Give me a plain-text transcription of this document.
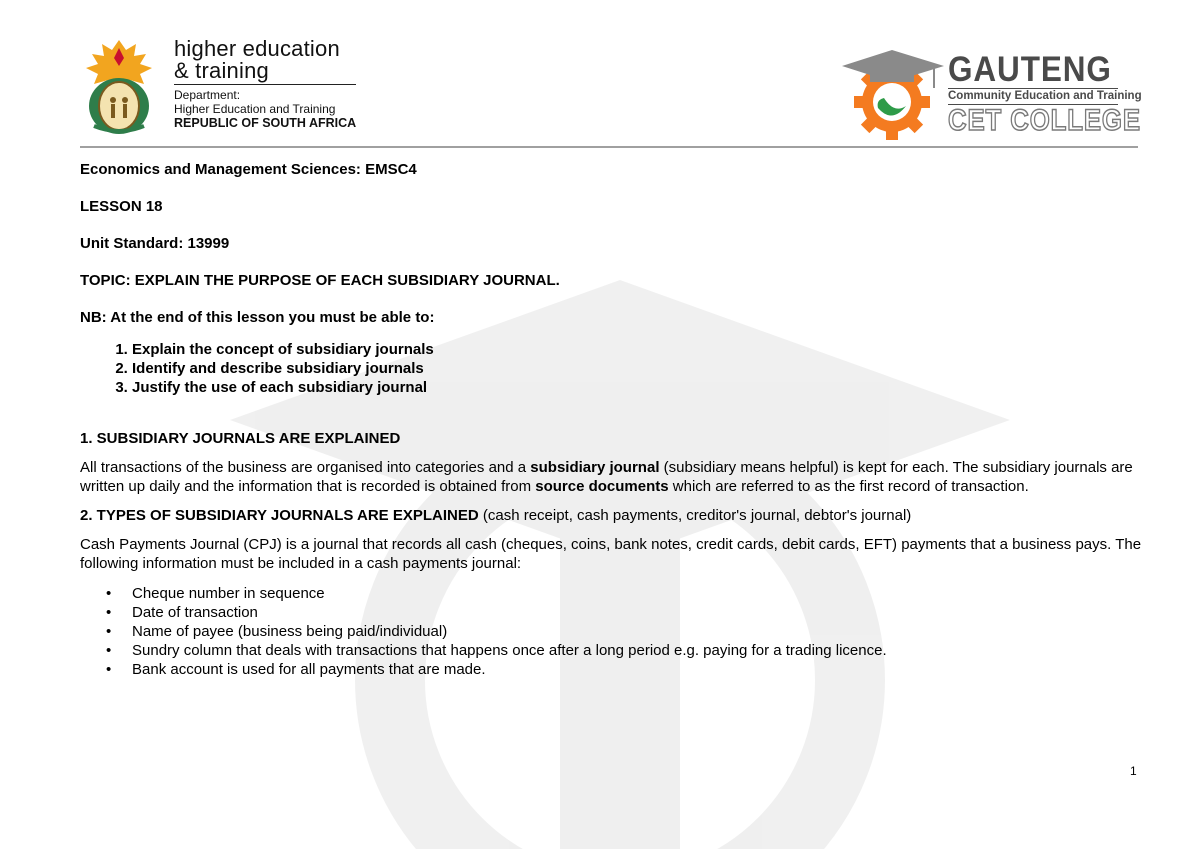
higher education
& training
Department:
Higher Education and Training
REPUBLIC OF SOUTH AFRICA
GAUTENG
Community Education and Training
CET COLLEGE

Economics and Management Sciences: EMSC4

LESSON 18

Unit Standard: 13999

TOPIC: EXPLAIN THE PURPOSE OF EACH SUBSIDIARY JOURNAL.

NB: At the end of this lesson you must be able to:

1. Explain the concept of subsidiary journals
2. Identify and describe subsidiary journals
3. Justify the use of each subsidiary journal

1. SUBSIDIARY JOURNALS ARE EXPLAINED

All transactions of the business are organised into categories and a subsidiary journal (subsidiary means helpful) is kept for each. The subsidiary journals are written up daily and the information that is recorded is obtained from source documents which are referred to as the first record of transaction.

2. TYPES OF SUBSIDIARY JOURNALS ARE EXPLAINED (cash receipt, cash payments, creditor's journal, debtor's journal)

Cash Payments Journal (CPJ) is a journal that records all cash (cheques, coins, bank notes, credit cards, debit cards, EFT) payments that a business pays. The following information must be included in a cash payments journal:

• Cheque number in sequence
• Date of transaction
• Name of payee (business being paid/individual)
• Sundry column that deals with transactions that happens once after a long period e.g. paying for a trading licence.
• Bank account is used for all payments that are made.
1
